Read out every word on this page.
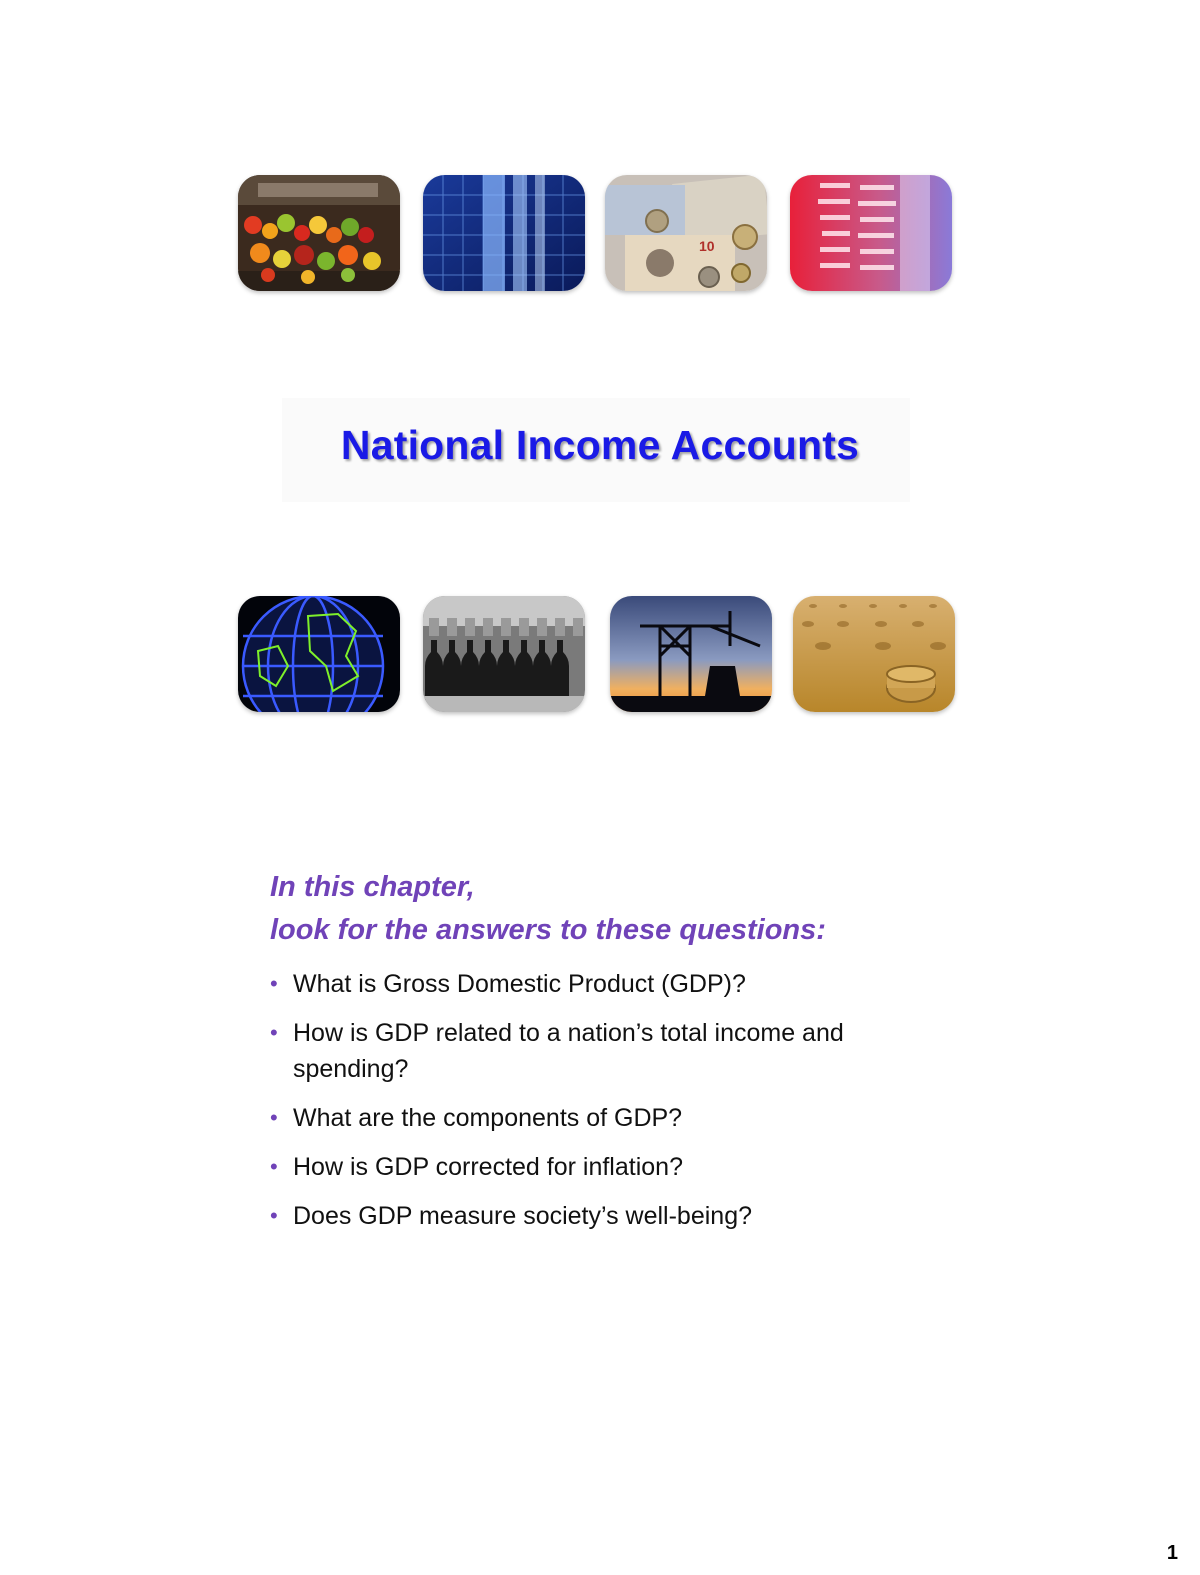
10
National Income Accounts
In this chapter,
look for the answers to these questions:
• What is Gross Domestic Product (GDP)?
• How is GDP related to a nation’s total income and spending?
• What are the components of GDP?
• How is GDP corrected for inflation?
• Does GDP measure society’s well-being?
1
